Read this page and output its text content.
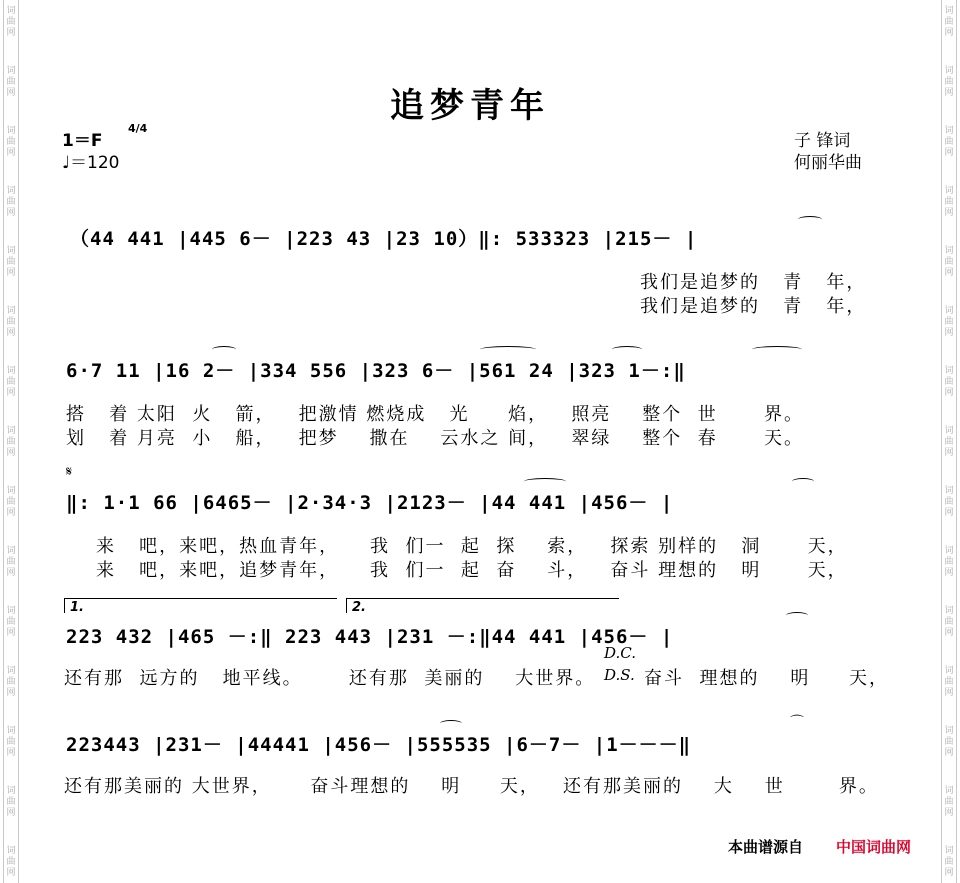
词曲网
词曲网
词曲网
词曲网
词曲网
词曲网
词曲网
词曲网
词曲网
词曲网
词曲网
词曲网
词曲网
词曲网
词曲网
词曲网
词曲网
词曲网
词曲网
词曲网
词曲网
词曲网
词曲网
词曲网
词曲网
词曲网
词曲网
词曲网
词曲网
词曲网
追梦青年
1＝F
4/4
♩＝120
子 锋词
何丽华曲
（44 441 |445 6－ |223 43 |23 10）‖: 533323 |215－ |
我们是追梦的   青   年，
我们是追梦的   青   年，
6·7 11 |16 2－ |334 556 |323 6－ |561 24 |323 1－:‖
搭   着 太阳  火   箭，   把激情 燃烧成   光     焰，   照亮    整个  世      界。
划   着 月亮  小   船，   把梦    撒在    云水之 间，   翠绿    整个  春      天。
𝄋
‖: 1·1 66 |6465－ |2·34·3 |2123－ |44 441 |456－ |
来   吧，来吧，热血青年，    我  们一  起  探    索，   探索 别样的   洞      天，
来   吧，来吧，追梦青年，    我  们一  起  奋    斗，   奋斗 理想的   明      天，
1.	2.
223 432 |465 －:‖ 223 443 |231 －:‖44 441 |456－ |
D.C.
还有那  远方的   地平线。      还有那  美丽的    大世界。 D.S. 奋斗  理想的    明     天，
223443 |231－ |44441 |456－ |555535 |6－7－ |1－－－‖
⌒
还有那美丽的 大世界，     奋斗理想的    明     天，   还有那美丽的    大    世       界。
本曲谱源自 中国词曲网
